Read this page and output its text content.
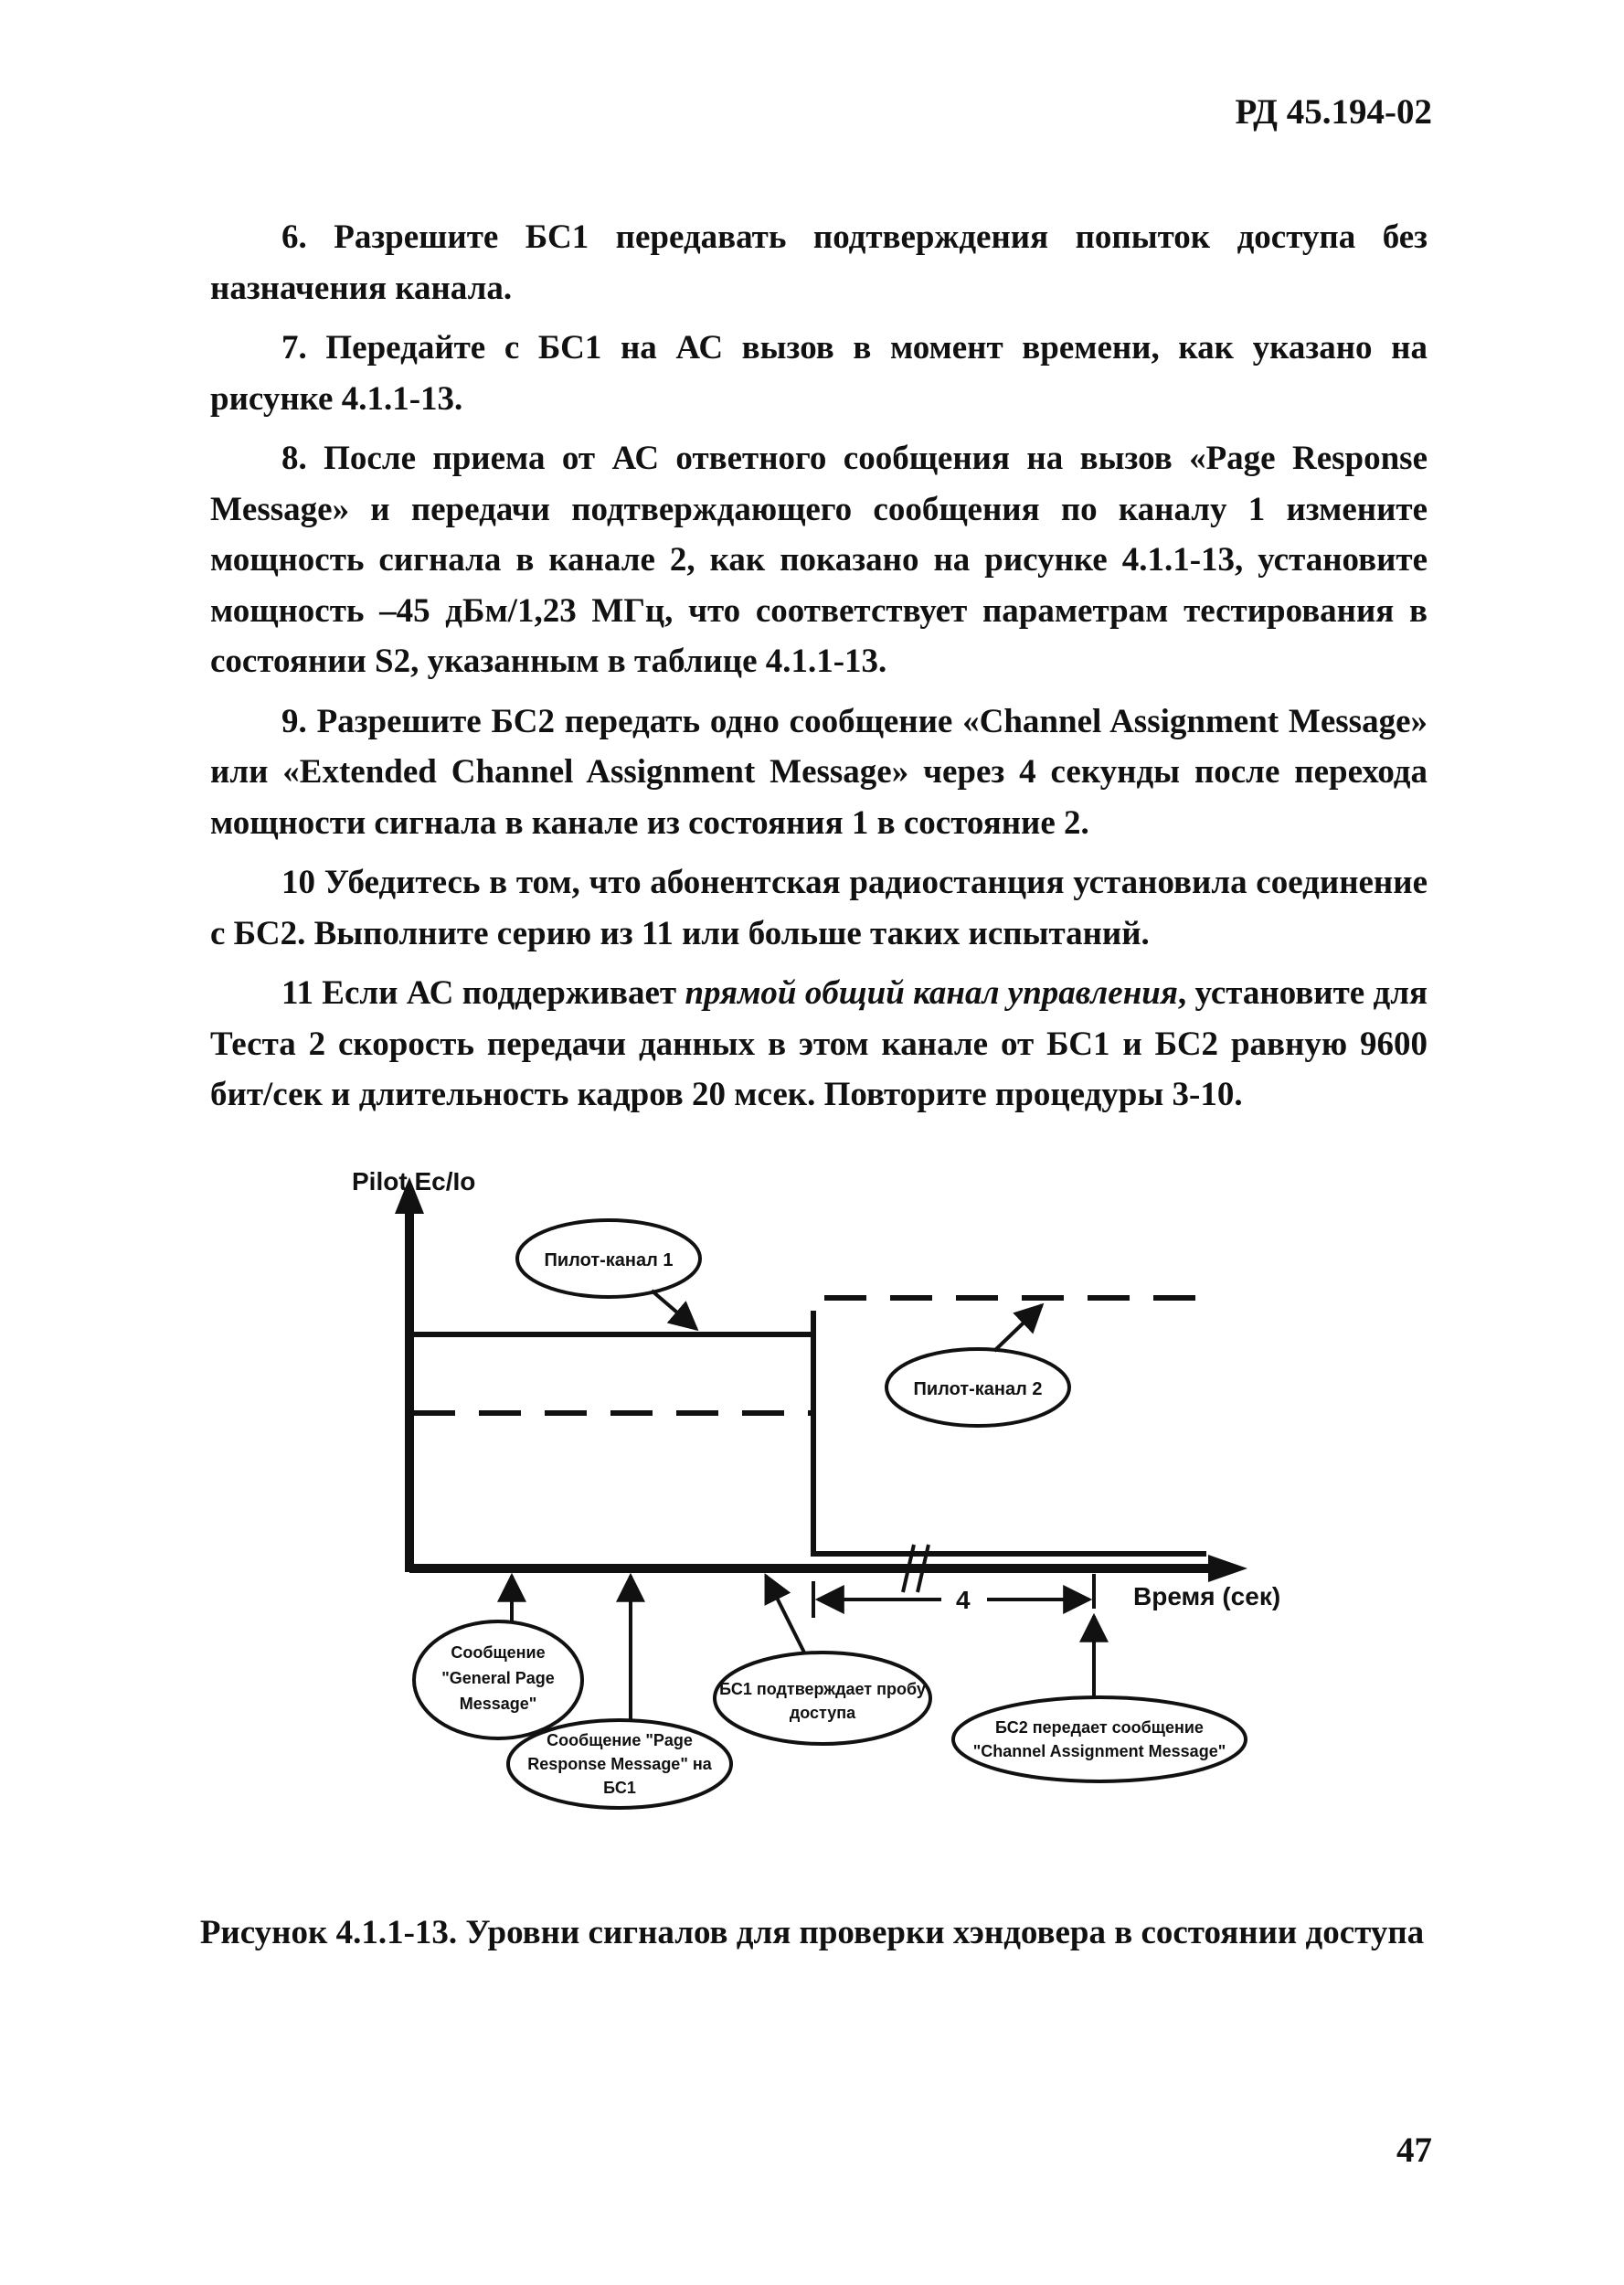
РД 45.194-02

6. Разрешите БС1 передавать подтверждения попыток доступа без назначения канала.

7. Передайте с БС1 на АС вызов в момент времени, как указано на рисунке 4.1.1-13.

8. После приема от АС ответного сообщения на вызов «Page Response Message» и передачи подтверждающего сообщения по каналу 1 измените мощность сигнала в канале 2, как показано на рисунке 4.1.1-13, установите мощность –45 дБм/1,23 МГц, что соответствует параметрам тестирования в состоянии S2, указанным в таблице 4.1.1-13.

9. Разрешите БС2 передать одно сообщение «Channel Assignment Message» или «Extended Channel Assignment Message» через 4 секунды после перехода мощности сигнала в канале из состояния 1 в состояние 2.

10 Убедитесь в том, что абонентская радиостанция установила соединение с БС2. Выполните серию из 11 или больше таких испытаний.

11 Если АС поддерживает прямой общий канал управления, установите для Теста 2 скорость передачи данных в этом канале от БС1 и БС2 равную 9600 бит/сек и длительность кадров 20 мсек. Повторите процедуры 3-10.

Pilot Ec/Io
Время (сек)
4
Пилот-канал 1
Пилот-канал 2
Сообщение
"General Page
Message"
Сообщение "Page
Response Message" на
БС1
БС1 подтверждает пробу
доступа
БС2 передает сообщение
"Channel Assignment Message"
Рисунок 4.1.1-13. Уровни сигналов для проверки хэндовера в состоянии доступа
47
